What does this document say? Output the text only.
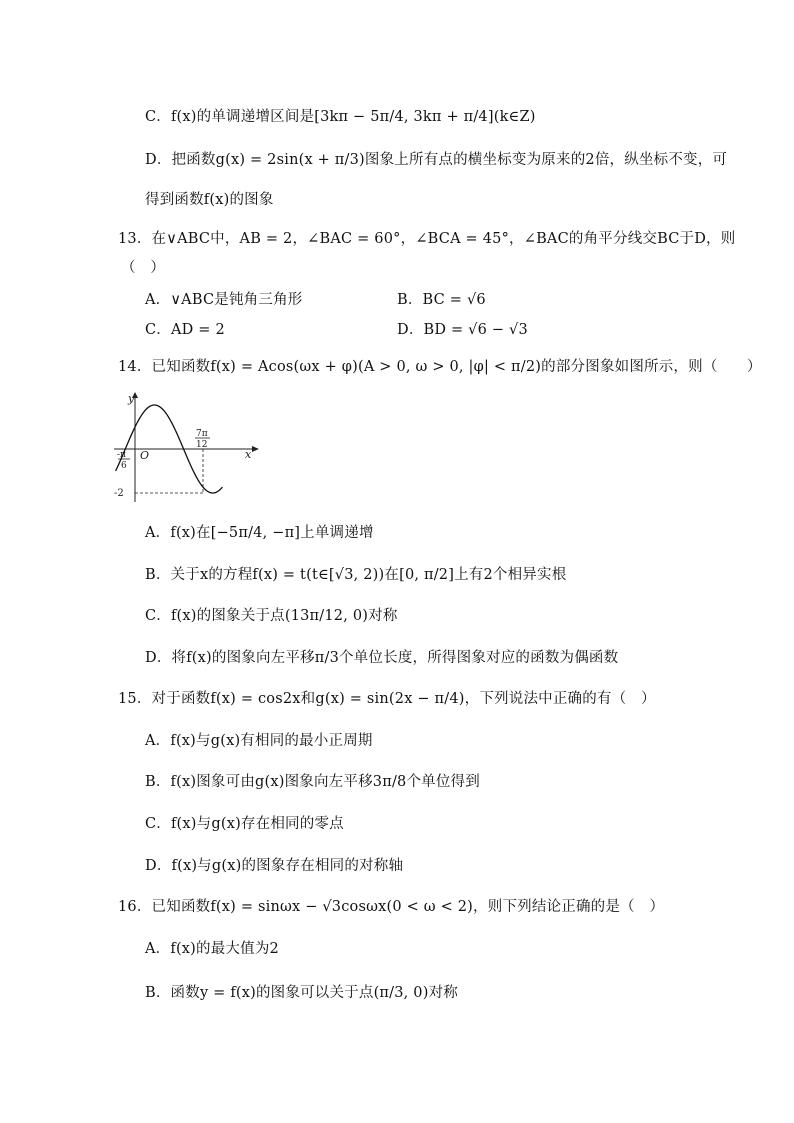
C．f(x)的单调递增区间是[3kπ − 5π/4, 3kπ + π/4](k∈Z)
D．把函数g(x) = 2sin(x + π/3)图象上所有点的横坐标变为原来的2倍，纵坐标不变，可
得到函数f(x)的图象
13．在∨ABC中，AB = 2，∠BAC = 60°，∠BCA = 45°，∠BAC的角平分线交BC于D，则
（　）
A．∨ABC是钝角三角形	B．BC = √6
C．AD = 2	D．BD = √6 − √3
14．已知函数f(x) = Acos(ωx + φ)(A > 0, ω > 0, |φ| < π/2)的部分图象如图所示，则（　　）
y
x
O
-π
6
7π
12
-2
A．f(x)在[−5π/4, −π]上单调递增
B．关于x的方程f(x) = t(t∈[√3, 2))在[0, π/2]上有2个相异实根
C．f(x)的图象关于点(13π/12, 0)对称
D．将f(x)的图象向左平移π/3个单位长度，所得图象对应的函数为偶函数
15．对于函数f(x) = cos2x和g(x) = sin(2x − π/4)，下列说法中正确的有（　）
A．f(x)与g(x)有相同的最小正周期
B．f(x)图象可由g(x)图象向左平移3π/8个单位得到
C．f(x)与g(x)存在相同的零点
D．f(x)与g(x)的图象存在相同的对称轴
16．已知函数f(x) = sinωx − √3cosωx(0 < ω < 2)，则下列结论正确的是（　）
A．f(x)的最大值为2
B．函数y = f(x)的图象可以关于点(π/3, 0)对称
